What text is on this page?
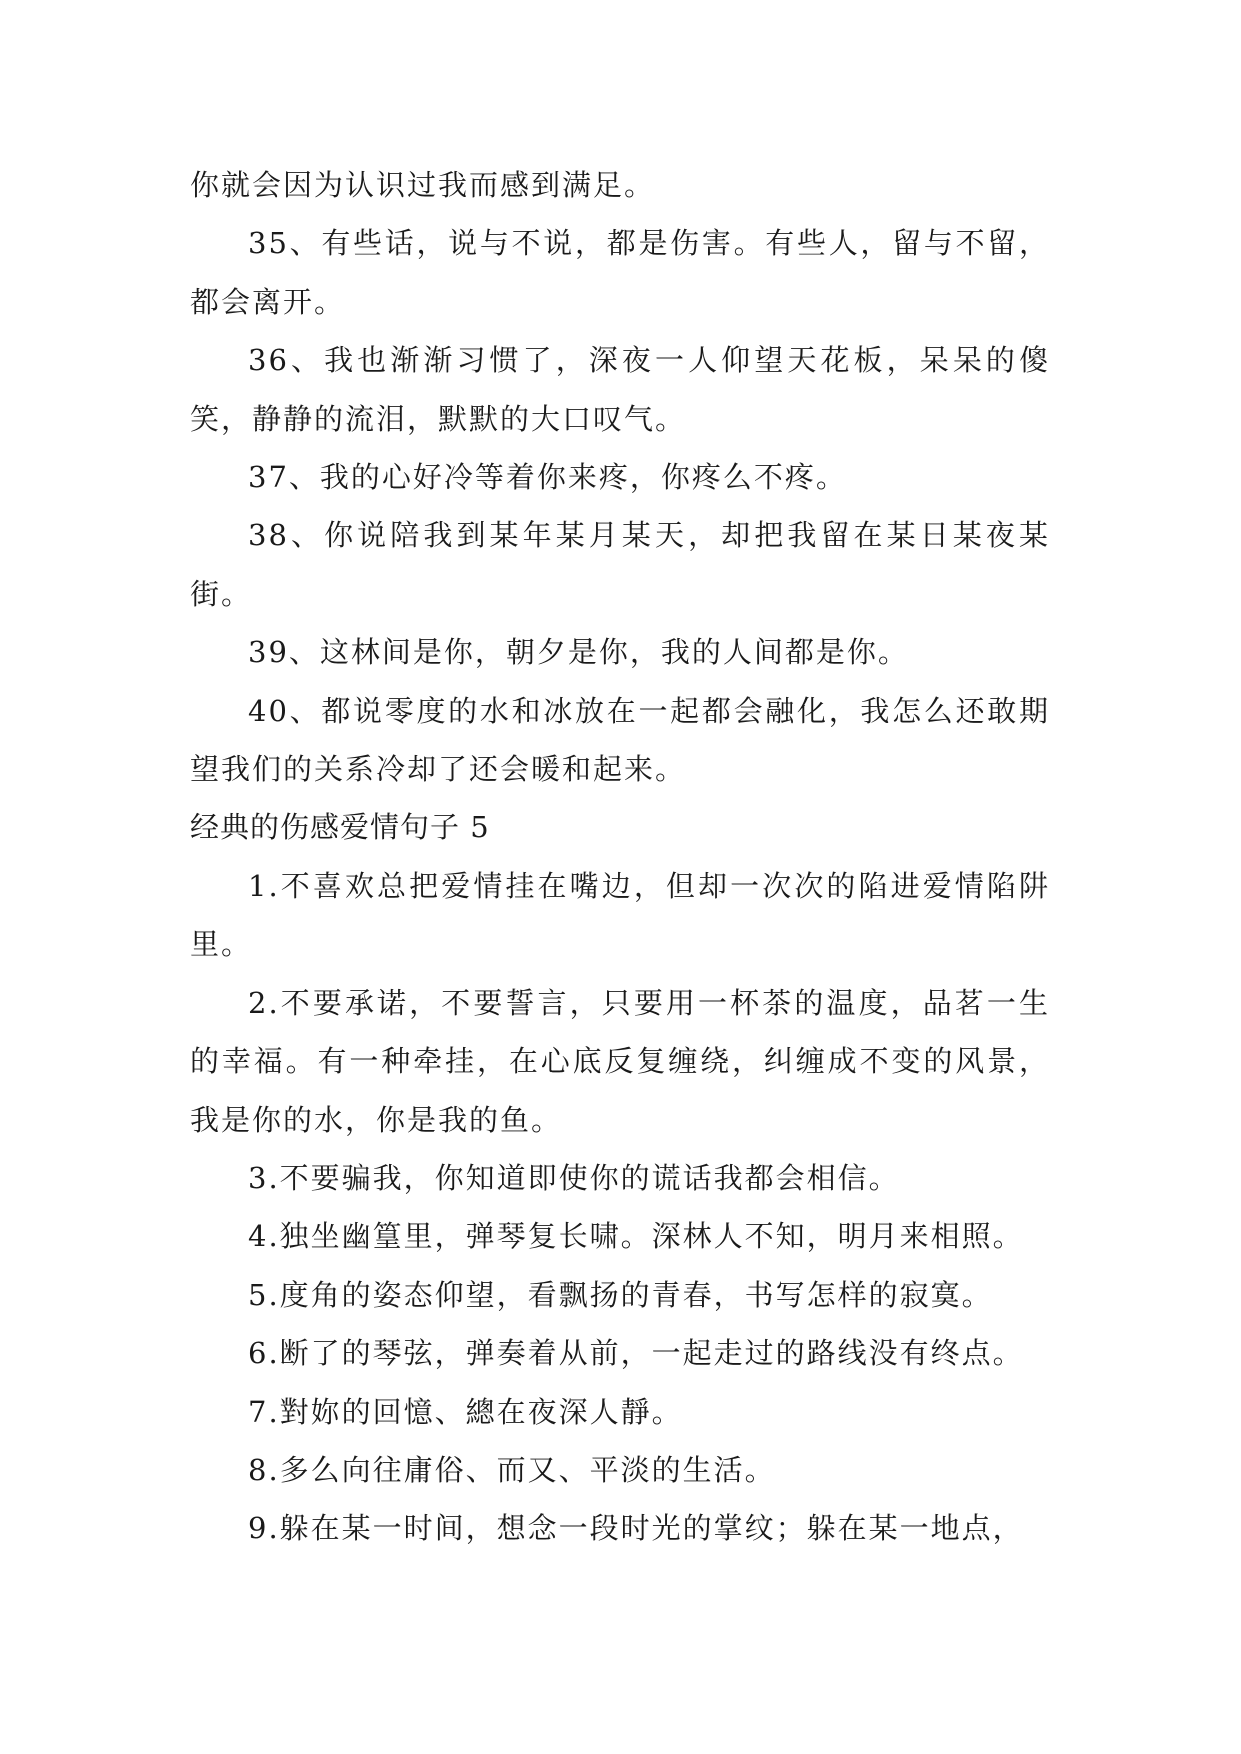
你就会因为认识过我而感到满足。

35、有些话，说与不说，都是伤害。有些人，留与不留，都会离开。

36、我也渐渐习惯了，深夜一人仰望天花板，呆呆的傻笑，静静的流泪，默默的大口叹气。

37、我的心好冷等着你来疼，你疼么不疼。

38、你说陪我到某年某月某天，却把我留在某日某夜某街。

39、这林间是你，朝夕是你，我的人间都是你。

40、都说零度的水和冰放在一起都会融化，我怎么还敢期望我们的关系冷却了还会暖和起来。

经典的伤感爱情句子 5

1.不喜欢总把爱情挂在嘴边，但却一次次的陷进爱情陷阱里。

2.不要承诺，不要誓言，只要用一杯茶的温度，品茗一生的幸福。有一种牵挂，在心底反复缠绕，纠缠成不变的风景，我是你的水，你是我的鱼。

3.不要骗我，你知道即使你的谎话我都会相信。

4.独坐幽篁里，弹琴复长啸。深林人不知，明月来相照。

5.度角的姿态仰望，看飘扬的青春，书写怎样的寂寞。

6.断了的琴弦，弹奏着从前，一起走过的路线没有终点。

7.對妳的回憶、總在夜深人靜。

8.多么向往庸俗、而又、平淡的生活。

9.躲在某一时间，想念一段时光的掌纹；躲在某一地点，
